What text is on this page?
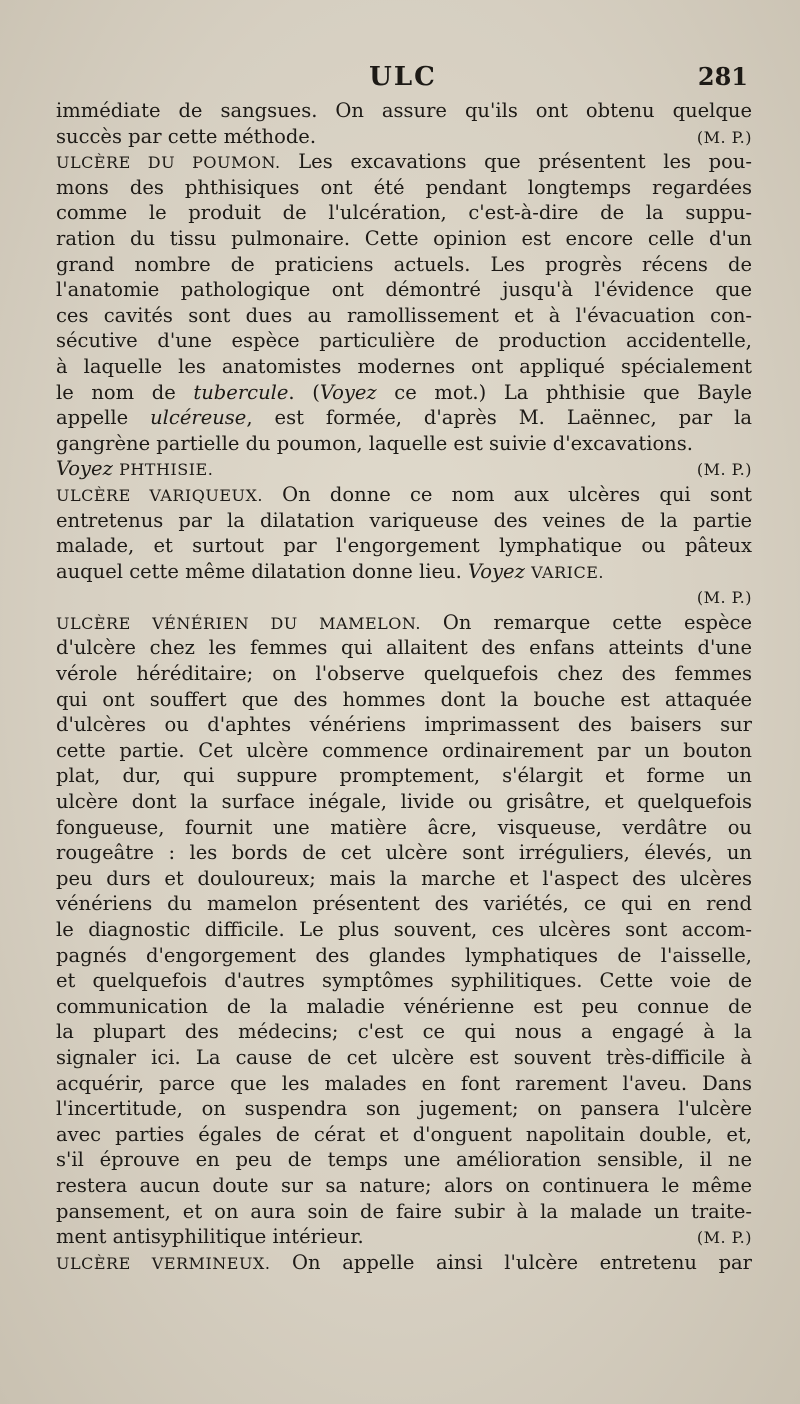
ULC	281
immédiate de sangsues. On assure qu'ils ont obtenu quelque
succès par cette méthode.	(M. P.)
ULCÈRE DU POUMON. Les excavations que présentent les pou-
mons des phthisiques ont été pendant longtemps regardées
comme le produit de l'ulcération, c'est-à-dire de la suppu-
ration du tissu pulmonaire. Cette opinion est encore celle d'un
grand nombre de praticiens actuels. Les progrès récens de
l'anatomie pathologique ont démontré jusqu'à l'évidence que
ces cavités sont dues au ramollissement et à l'évacuation con-
sécutive d'une espèce particulière de production accidentelle,
à laquelle les anatomistes modernes ont appliqué spécialement
le nom de tubercule. (Voyez ce mot.) La phthisie que Bayle
appelle ulcéreuse, est formée, d'après M. Laënnec, par la
gangrène partielle du poumon, laquelle est suivie d'excavations.
Voyez PHTHISIE.	(M. P.)
ULCÈRE VARIQUEUX. On donne ce nom aux ulcères qui sont
entretenus par la dilatation variqueuse des veines de la partie
malade, et surtout par l'engorgement lymphatique ou pâteux
auquel cette même dilatation donne lieu. Voyez VARICE.
(M. P.)
ULCÈRE VÉNÉRIEN DU MAMELON. On remarque cette espèce
d'ulcère chez les femmes qui allaitent des enfans atteints d'une
vérole héréditaire; on l'observe quelquefois chez des femmes
qui ont souffert que des hommes dont la bouche est attaquée
d'ulcères ou d'aphtes vénériens imprimassent des baisers sur
cette partie. Cet ulcère commence ordinairement par un bouton
plat, dur, qui suppure promptement, s'élargit et forme un
ulcère dont la surface inégale, livide ou grisâtre, et quelquefois
fongueuse, fournit une matière âcre, visqueuse, verdâtre ou
rougeâtre : les bords de cet ulcère sont irréguliers, élevés, un
peu durs et douloureux; mais la marche et l'aspect des ulcères
vénériens du mamelon présentent des variétés, ce qui en rend
le diagnostic difficile. Le plus souvent, ces ulcères sont accom-
pagnés d'engorgement des glandes lymphatiques de l'aisselle,
et quelquefois d'autres symptômes syphilitiques. Cette voie de
communication de la maladie vénérienne est peu connue de
la plupart des médecins; c'est ce qui nous a engagé à la
signaler ici. La cause de cet ulcère est souvent très-difficile à
acquérir, parce que les malades en font rarement l'aveu. Dans
l'incertitude, on suspendra son jugement; on pansera l'ulcère
avec parties égales de cérat et d'onguent napolitain double, et,
s'il éprouve en peu de temps une amélioration sensible, il ne
restera aucun doute sur sa nature; alors on continuera le même
pansement, et on aura soin de faire subir à la malade un traite-
ment antisyphilitique intérieur.	(M. P.)
ULCÈRE VERMINEUX. On appelle ainsi l'ulcère entretenu par
